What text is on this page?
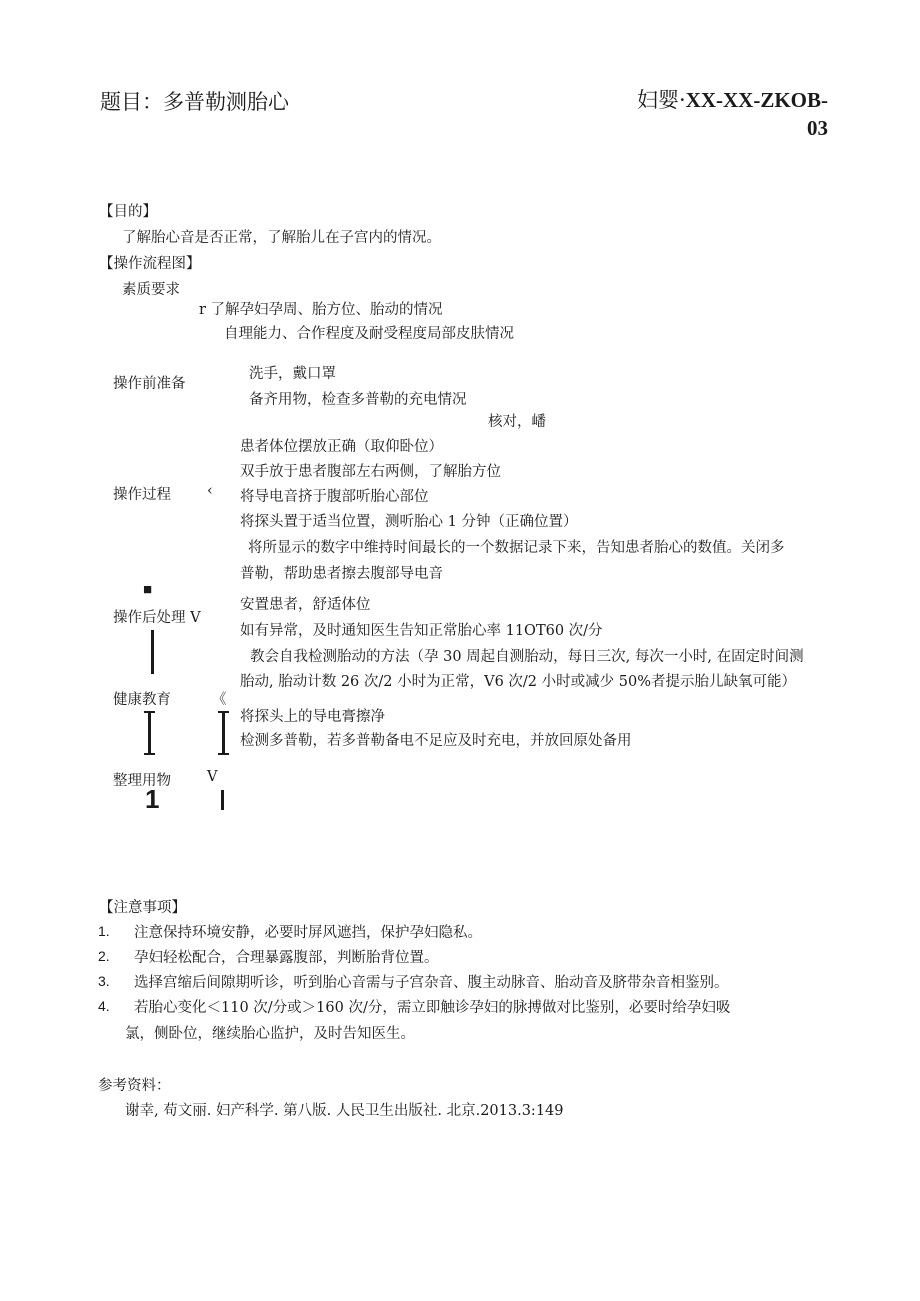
题目：多普勒测胎心	妇婴·XX-XX-ZKOB-
03
【目的】
了解胎心音是否正常，了解胎儿在子宫内的情况。
【操作流程图】
素质要求
r 了解孕妇孕周、胎方位、胎动的情况
自理能力、合作程度及耐受程度局部皮肤情况
操作前准备
洗手，戴口罩
备齐用物，检查多普勒的充电情况
核对，嶓
患者体位摆放正确（取仰卧位）
双手放于患者腹部左右两侧，了解胎方位
操作过程 ‹ 将导电音挤于腹部听胎心部位
将探头置于适当位置，测听胎心 1 分钟（正确位置）
将所显示的数字中维持时间最长的一个数据记录下来，告知患者胎心的数值。关闭多
普勒，帮助患者擦去腹部导电音
■
操作后处理 V
安置患者，舒适体位
如有异常，及时通知医生告知正常胎心率 11OT60 次/分
教会自我检测胎动的方法（孕 30 周起自测胎动，每日三次, 每次一小时, 在固定时间测
胎动, 胎动计数 26 次/2 小时为正常，V6 次/2 小时或减少 50%者提示胎儿缺氧可能）
健康教育	《
将探头上的导电膏擦净
检测多普勒，若多普勒备电不足应及时充电，并放回原处备用
整理用物 V
1
【注意事项】
1. 注意保持环境安静，必要时屏风遮挡，保护孕妇隐私。
2. 孕妇轻松配合，合理暴露腹部，判断胎背位置。
3. 选择宫缩后间隙期听诊，听到胎心音需与子宫杂音、腹主动脉音、胎动音及脐带杂音相鉴别。
4. 若胎心变化＜110 次/分或＞160 次/分，需立即触诊孕妇的脉搏做对比鉴别，必要时给孕妇吸
氯，侧卧位，继续胎心监护，及时告知医生。
参考资料：
谢幸, 苟文丽. 妇产科学. 第八版. 人民卫生出版社. 北京.2013.3:149
